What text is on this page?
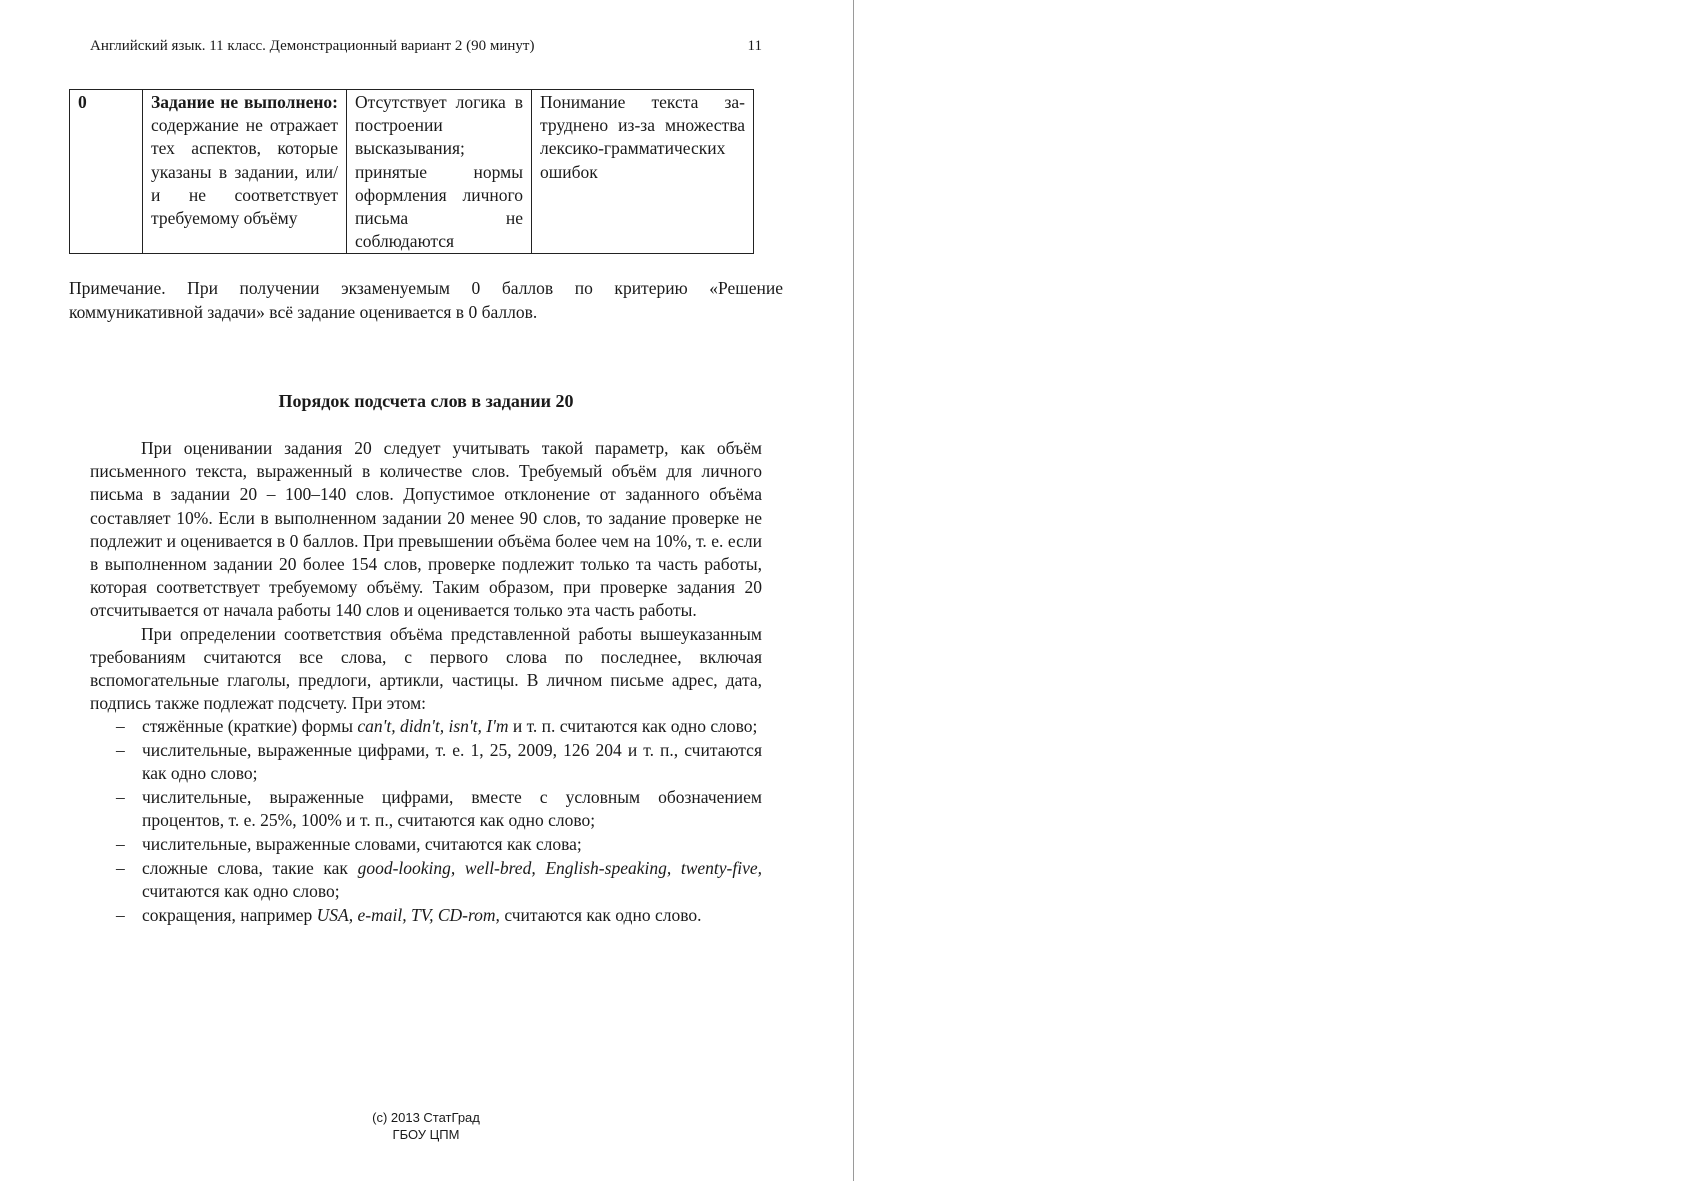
Английский язык. 11 класс. Демонстрационный вариант 2 (90 минут)	11
0	Задание не выполнено: содержание не отражает тех аспектов, которые указаны в задании, или/и не соответствует требуемому объёму	Отсутствует логика в построении высказывания; принятые нормы оформления личного письма не соблюдаются	Понимание текста затруднено из-за множества лексико-грамматических ошибок
Примечание. При получении экзаменуемым 0 баллов по критерию «Решение коммуникативной задачи» всё задание оценивается в 0 баллов.
Порядок подсчета слов в задании 20

При оценивании задания 20 следует учитывать такой параметр, как объём письменного текста, выраженный в количестве слов. Требуемый объём для личного письма в задании 20 – 100–140 слов. Допустимое отклонение от заданного объёма составляет 10%. Если в выполненном задании 20 менее 90 слов, то задание проверке не подлежит и оценивается в 0 баллов. При превышении объёма более чем на 10%, т. е. если в выполненном задании 20 более 154 слов, проверке подлежит только та часть работы, которая соответствует требуемому объёму. Таким образом, при проверке задания 20 отсчитывается от начала работы 140 слов и оценивается только эта часть работы.

При определении соответствия объёма представленной работы вышеуказанным требованиям считаются все слова, с первого слова по последнее, включая вспомогательные глаголы, предлоги, артикли, частицы. В личном письме адрес, дата, подпись также подлежат подсчету. При этом:

– стяжённые (краткие) формы can't, didn't, isn't, I'm и т. п. считаются как одно слово;
– числительные, выраженные цифрами, т. е. 1, 25, 2009, 126 204 и т. п., считаются как одно слово;
– числительные, выраженные цифрами, вместе с условным обозначением процентов, т. е. 25%, 100% и т. п., считаются как одно слово;
– числительные, выраженные словами, считаются как слова;
– сложные слова, такие как good-looking, well-bred, English-speaking, twenty-five, считаются как одно слово;
– сокращения, например USA, e-mail, TV, CD-rom, считаются как одно слово.
(c) 2013 СтатГрад
ГБОУ ЦПМ
